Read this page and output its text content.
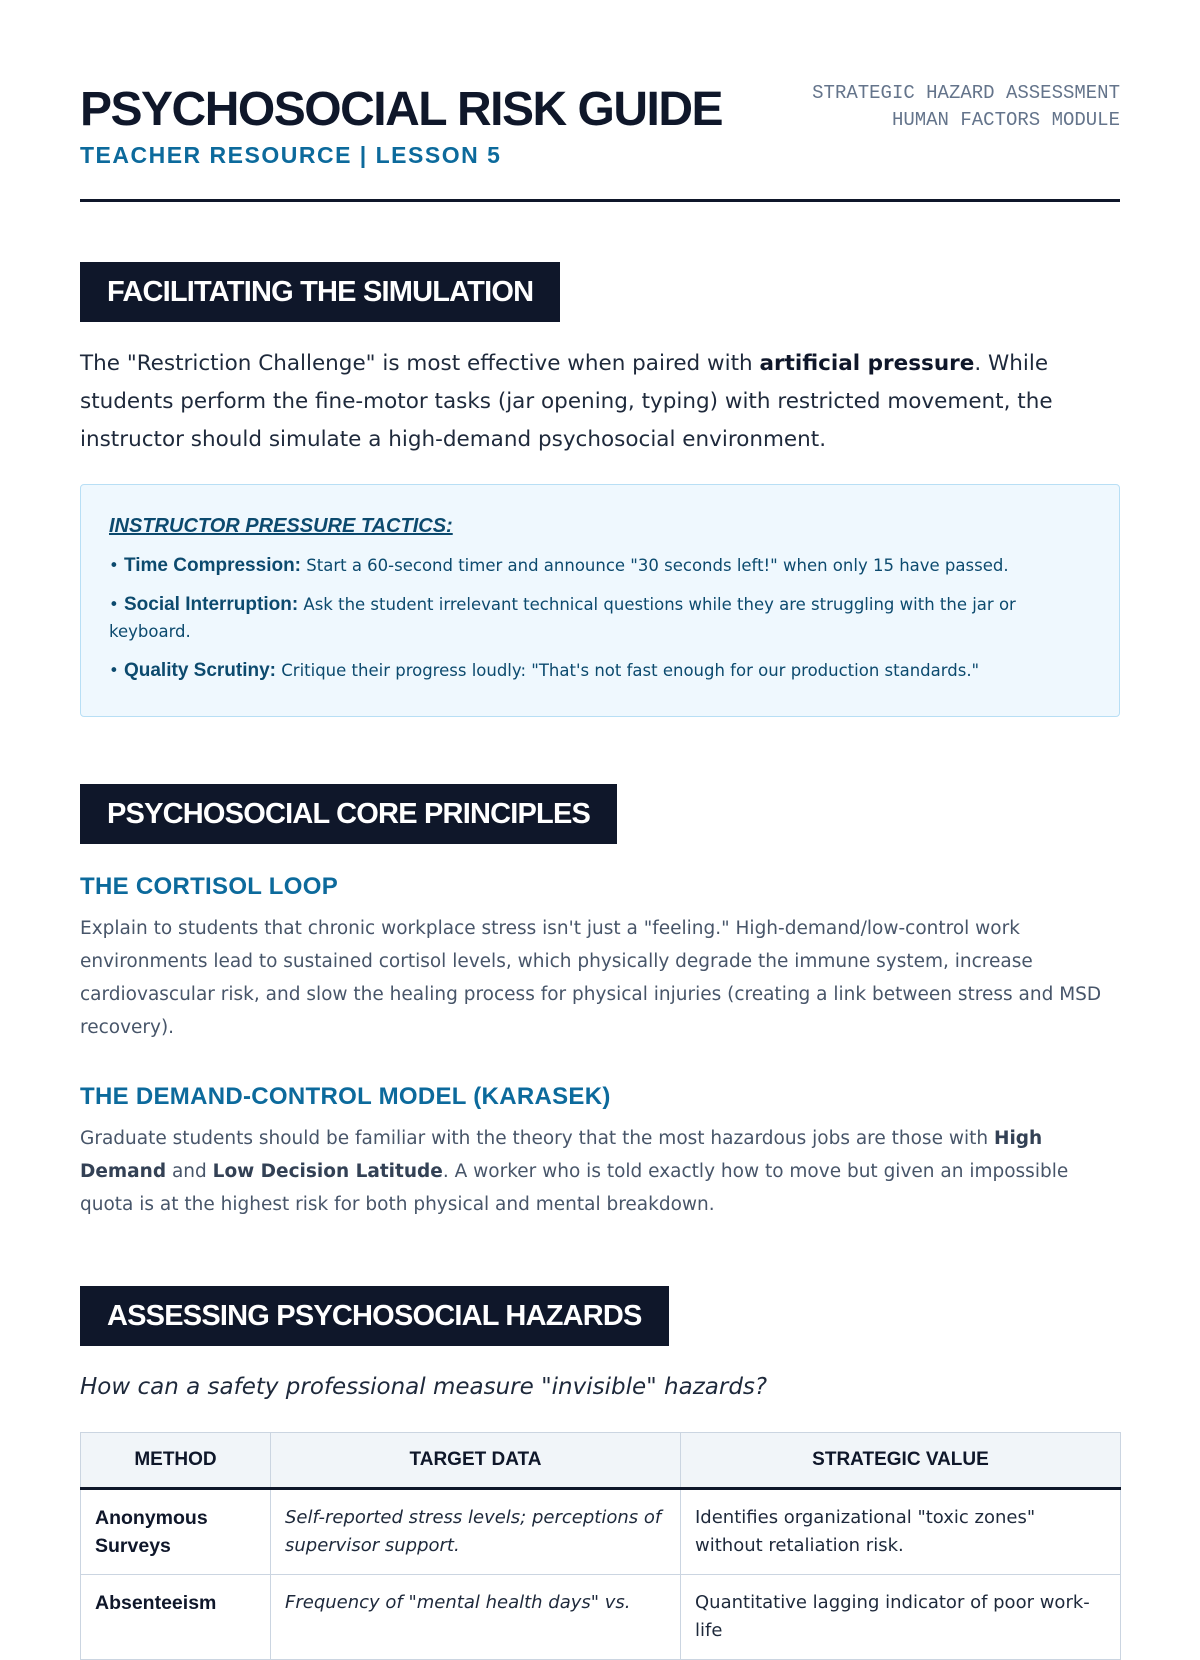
PSYCHOSOCIAL RISK GUIDE
TEACHER RESOURCE | LESSON 5
STRATEGIC HAZARD ASSESSMENT
HUMAN FACTORS MODULE
FACILITATING THE SIMULATION

The "Restriction Challenge" is most effective when paired with artificial pressure. While students perform the fine-motor tasks (jar opening, typing) with restricted movement, the instructor should simulate a high-demand psychosocial environment.

INSTRUCTOR PRESSURE TACTICS:
• Time Compression: Start a 60-second timer and announce "30 seconds left!" when only 15 have passed.
• Social Interruption: Ask the student irrelevant technical questions while they are struggling with the jar or keyboard.
• Quality Scrutiny: Critique their progress loudly: "That's not fast enough for our production standards."
PSYCHOSOCIAL CORE PRINCIPLES
THE CORTISOL LOOP

Explain to students that chronic workplace stress isn't just a "feeling." High-demand/low-control work environments lead to sustained cortisol levels, which physically degrade the immune system, increase cardiovascular risk, and slow the healing process for physical injuries (creating a link between stress and MSD recovery).

THE DEMAND-CONTROL MODEL (KARASEK)

Graduate students should be familiar with the theory that the most hazardous jobs are those with High Demand and Low Decision Latitude. A worker who is told exactly how to move but given an impossible quota is at the highest risk for both physical and mental breakdown.

ASSESSING PSYCHOSOCIAL HAZARDS
How can a safety professional measure "invisible" hazards?
METHOD	TARGET DATA	STRATEGIC VALUE
Anonymous Surveys	Self-reported stress levels; perceptions of supervisor support.	Identifies organizational "toxic zones" without retaliation risk.
Absenteeism	Frequency of "mental health days" vs.	Quantitative lagging indicator of poor work-life
